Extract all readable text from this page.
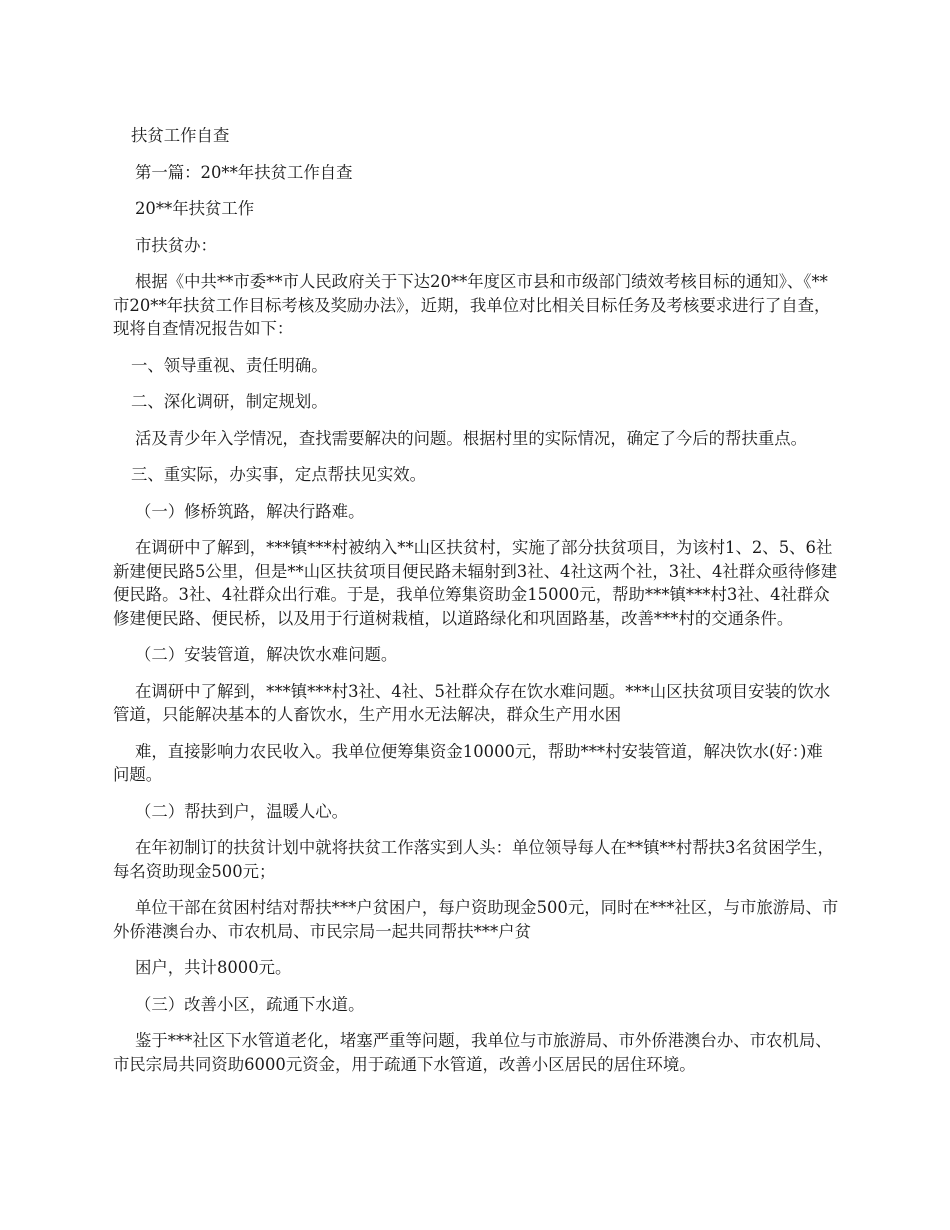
扶贫工作自查

第一篇：20**年扶贫工作自查

20**年扶贫工作

市扶贫办：

根据《中共**市委**市人民政府关于下达20**年度区市县和市级部门绩效考核目标的通知》、《**市20**年扶贫工作目标考核及奖励办法》，近期，我单位对比相关目标任务及考核要求进行了自查，现将自查情况报告如下：

一、领导重视、责任明确。

二、深化调研，制定规划。

活及青少年入学情况，查找需要解决的问题。根据村里的实际情况，确定了今后的帮扶重点。

三、重实际，办实事，定点帮扶见实效。

（一）修桥筑路，解决行路难。

在调研中了解到，***镇***村被纳入**山区扶贫村，实施了部分扶贫项目，为该村1、2、5、6社新建便民路5公里，但是**山区扶贫项目便民路未辐射到3社、4社这两个社，3社、4社群众亟待修建便民路。3社、4社群众出行难。于是，我单位筹集资助金15000元，帮助***镇***村3社、4社群众修建便民路、便民桥，以及用于行道树栽植，以道路绿化和巩固路基，改善***村的交通条件。

（二）安装管道，解决饮水难问题。

在调研中了解到，***镇***村3社、4社、5社群众存在饮水难问题。***山区扶贫项目安装的饮水管道，只能解决基本的人畜饮水，生产用水无法解决，群众生产用水困

难，直接影响力农民收入。我单位便筹集资金10000元，帮助***村安装管道，解决饮水(好：)难问题。

（二）帮扶到户，温暖人心。

在年初制订的扶贫计划中就将扶贫工作落实到人头：单位领导每人在**镇**村帮扶3名贫困学生，每名资助现金500元；

单位干部在贫困村结对帮扶***户贫困户，每户资助现金500元，同时在***社区，与市旅游局、市外侨港澳台办、市农机局、市民宗局一起共同帮扶***户贫

困户，共计8000元。

（三）改善小区，疏通下水道。

鉴于***社区下水管道老化，堵塞严重等问题，我单位与市旅游局、市外侨港澳台办、市农机局、市民宗局共同资助6000元资金，用于疏通下水管道，改善小区居民的居住环境。
